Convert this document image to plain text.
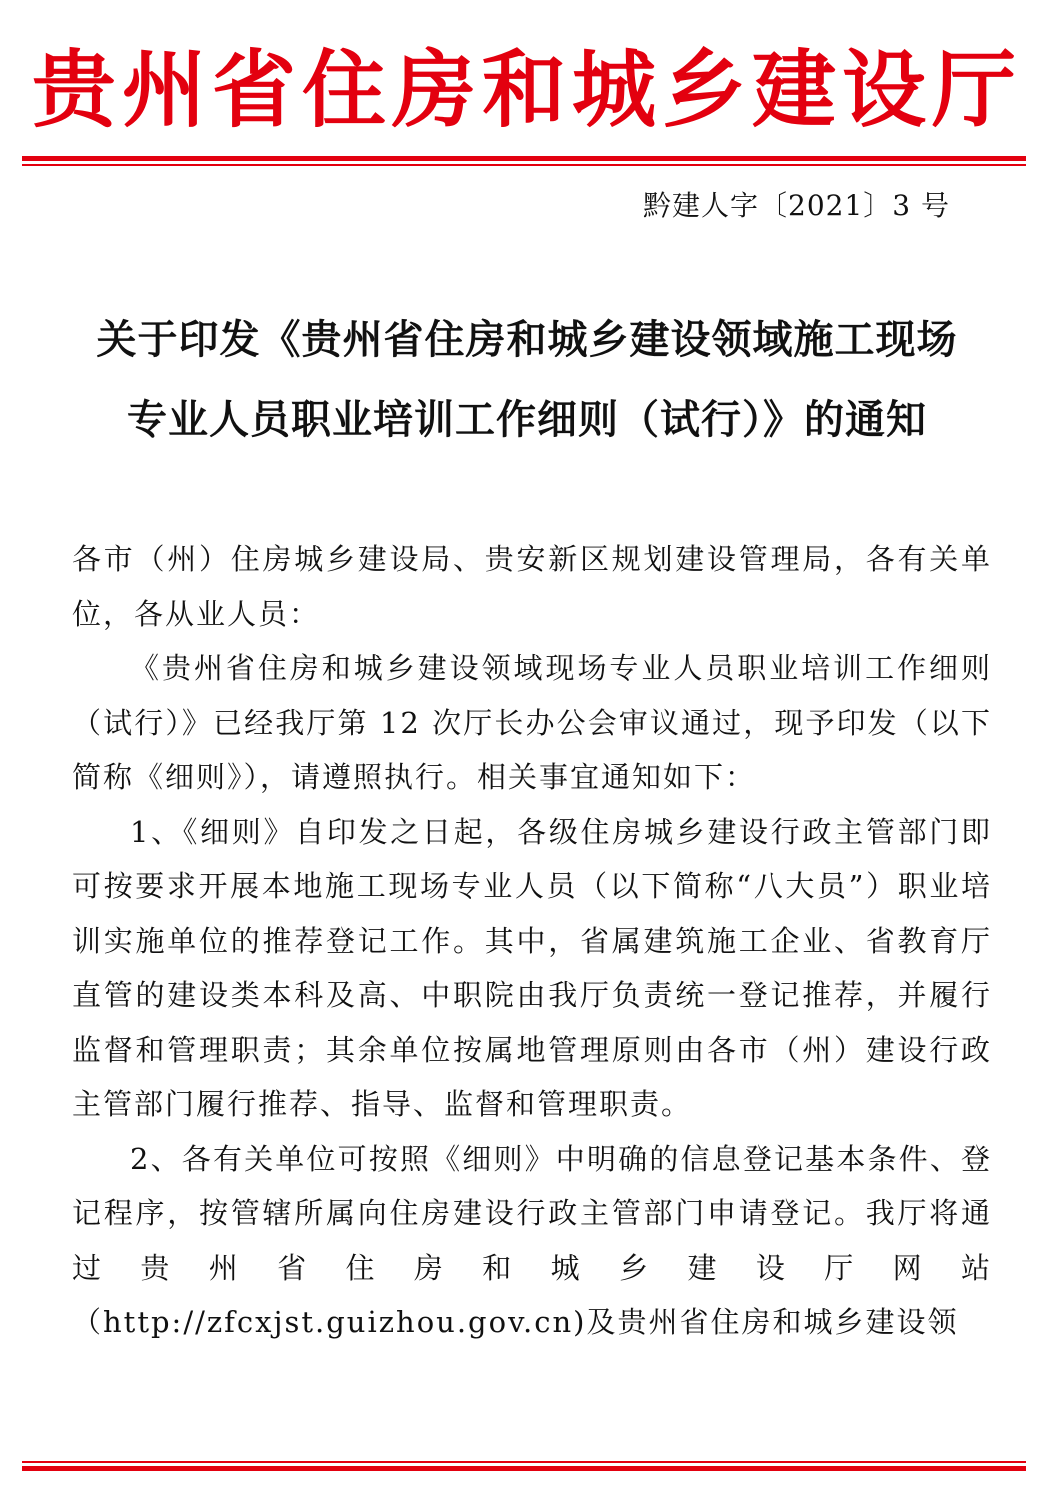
贵州省住房和城乡建设厅
黔建人字〔2021〕3 号
关于印发《贵州省住房和城乡建设领域施工现场
专业人员职业培训工作细则（试行）》的通知

各市（州）住房城乡建设局、贵安新区规划建设管理局，各有关单位，各从业人员：

《贵州省住房和城乡建设领域现场专业人员职业培训工作细则（试行）》已经我厅第 12 次厅长办公会审议通过，现予印发（以下简称《细则》），请遵照执行。相关事宜通知如下：

1、《细则》自印发之日起，各级住房城乡建设行政主管部门即可按要求开展本地施工现场专业人员（以下简称“八大员”）职业培训实施单位的推荐登记工作。其中，省属建筑施工企业、省教育厅直管的建设类本科及高、中职院由我厅负责统一登记推荐，并履行监督和管理职责；其余单位按属地管理原则由各市（州）建设行政主管部门履行推荐、指导、监督和管理职责。

2、各有关单位可按照《细则》中明确的信息登记基本条件、登记程序，按管辖所属向住房建设行政主管部门申请登记。我厅将通过贵州省住房和城乡建设厅网站（http://zfcxjst.guizhou.gov.cn)及贵州省住房和城乡建设领
